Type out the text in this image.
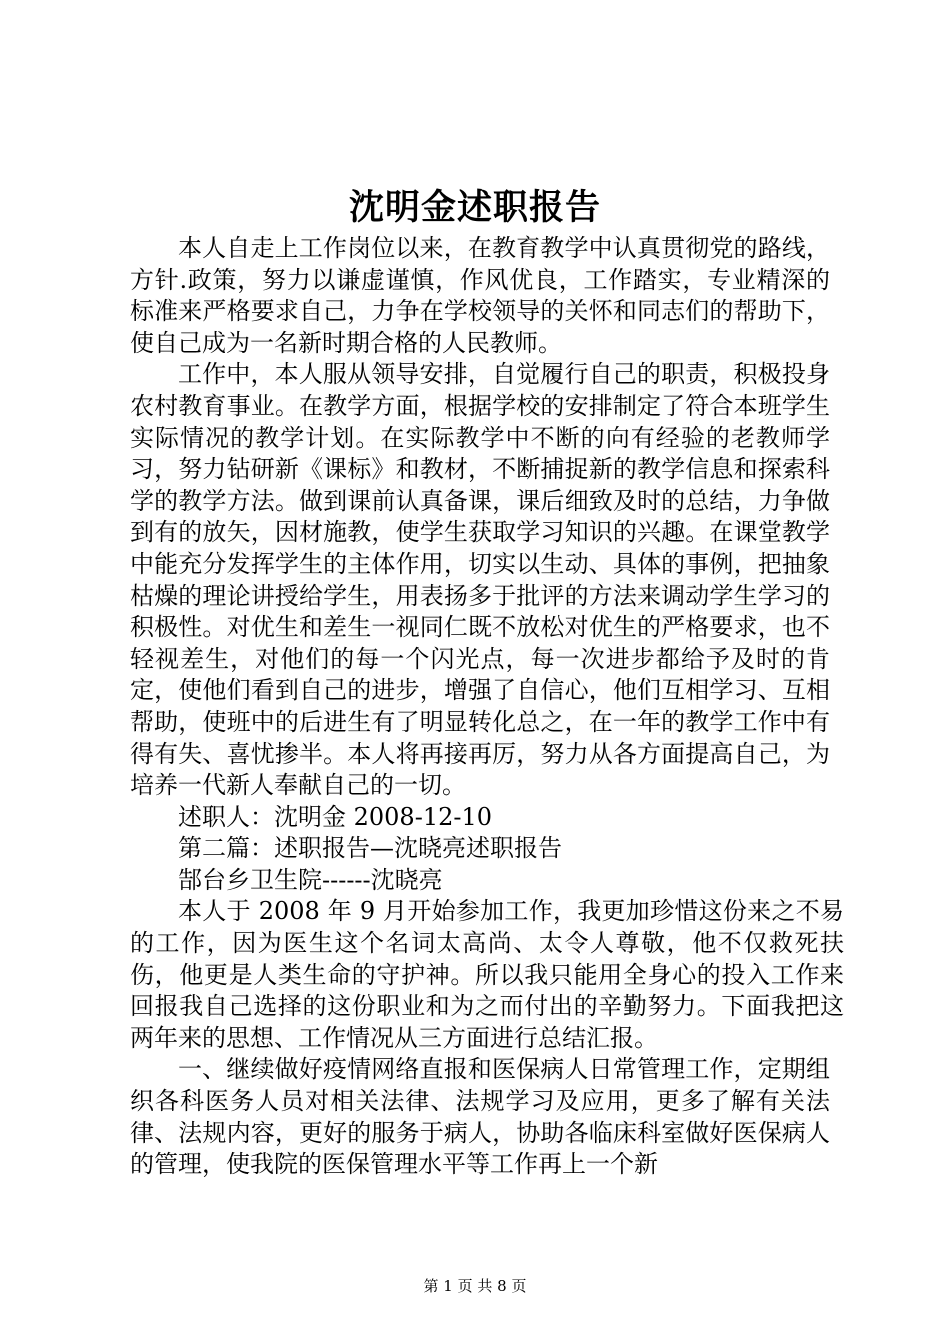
沈明金述职报告

本人自走上工作岗位以来，在教育教学中认真贯彻党的路线，方针.政策，努力以谦虚谨慎，作风优良，工作踏实，专业精深的标准来严格要求自己，力争在学校领导的关怀和同志们的帮助下，使自己成为一名新时期合格的人民教师。

工作中，本人服从领导安排，自觉履行自己的职责，积极投身农村教育事业。在教学方面，根据学校的安排制定了符合本班学生实际情况的教学计划。在实际教学中不断的向有经验的老教师学习，努力钻研新《课标》和教材，不断捕捉新的教学信息和探索科学的教学方法。做到课前认真备课，课后细致及时的总结，力争做到有的放矢，因材施教，使学生获取学习知识的兴趣。在课堂教学中能充分发挥学生的主体作用，切实以生动、具体的事例，把抽象枯燥的理论讲授给学生，用表扬多于批评的方法来调动学生学习的积极性。对优生和差生一视同仁既不放松对优生的严格要求，也不轻视差生，对他们的每一个闪光点，每一次进步都给予及时的肯定，使他们看到自己的进步，增强了自信心，他们互相学习、互相帮助，使班中的后进生有了明显转化总之，在一年的教学工作中有得有失、喜忧掺半。本人将再接再厉，努力从各方面提高自己，为培养一代新人奉献自己的一切。

述职人：沈明金 2008-12-10

第二篇：述职报告—沈晓亮述职报告

郜台乡卫生院------沈晓亮

本人于 2008 年 9 月开始参加工作，我更加珍惜这份来之不易的工作，因为医生这个名词太高尚、太令人尊敬，他不仅救死扶伤，他更是人类生命的守护神。所以我只能用全身心的投入工作来回报我自己选择的这份职业和为之而付出的辛勤努力。下面我把这两年来的思想、工作情况从三方面进行总结汇报。

一、继续做好疫情网络直报和医保病人日常管理工作，定期组织各科医务人员对相关法律、法规学习及应用，更多了解有关法律、法规内容，更好的服务于病人，协助各临床科室做好医保病人的管理，使我院的医保管理水平等工作再上一个新

第 1 页 共 8 页
